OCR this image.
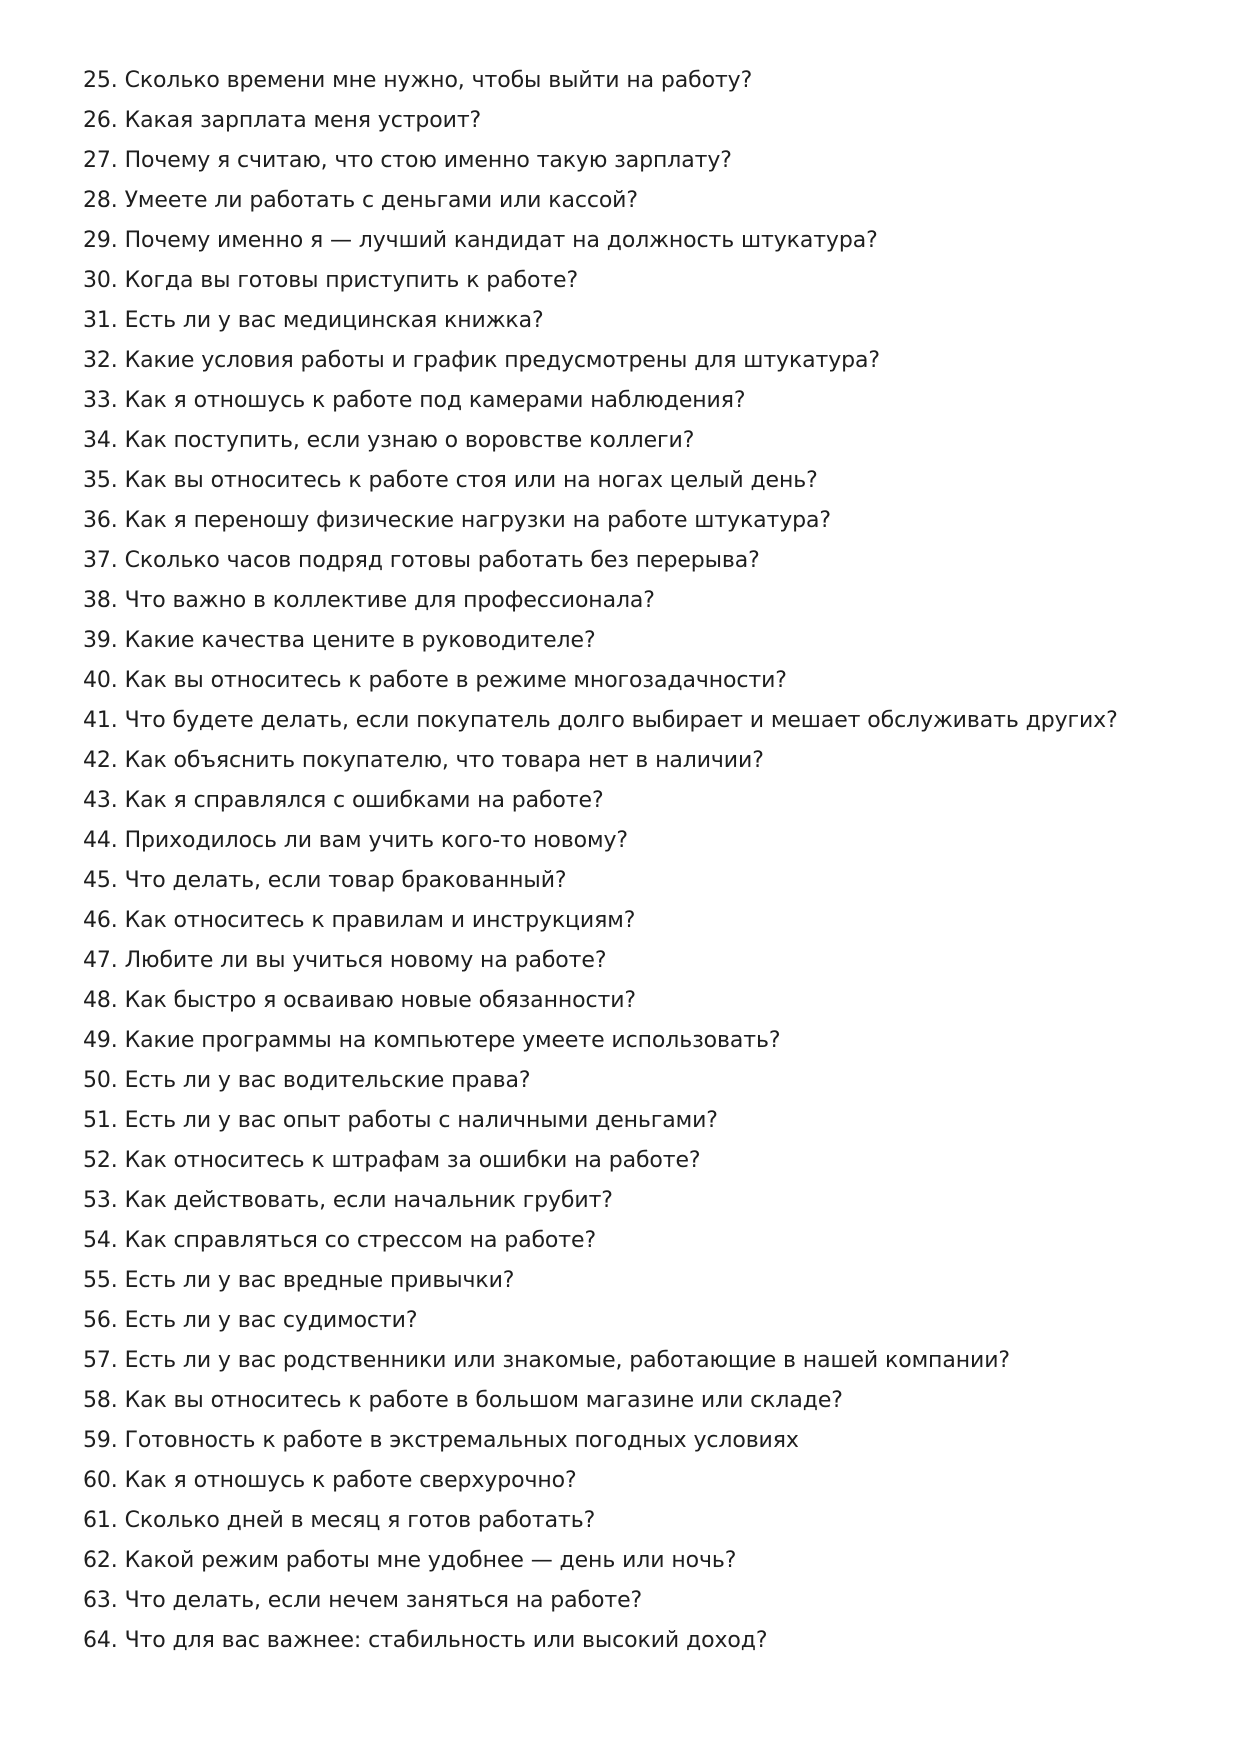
25. Сколько времени мне нужно, чтобы выйти на работу?
26. Какая зарплата меня устроит?
27. Почему я считаю, что стою именно такую зарплату?
28. Умеете ли работать с деньгами или кассой?
29. Почему именно я — лучший кандидат на должность штукатура?
30. Когда вы готовы приступить к работе?
31. Есть ли у вас медицинская книжка?
32. Какие условия работы и график предусмотрены для штукатура?
33. Как я отношусь к работе под камерами наблюдения?
34. Как поступить, если узнаю о воровстве коллеги?
35. Как вы относитесь к работе стоя или на ногах целый день?
36. Как я переношу физические нагрузки на работе штукатура?
37. Сколько часов подряд готовы работать без перерыва?
38. Что важно в коллективе для профессионала?
39. Какие качества цените в руководителе?
40. Как вы относитесь к работе в режиме многозадачности?
41. Что будете делать, если покупатель долго выбирает и мешает обслуживать других?
42. Как объяснить покупателю, что товара нет в наличии?
43. Как я справлялся с ошибками на работе?
44. Приходилось ли вам учить кого-то новому?
45. Что делать, если товар бракованный?
46. Как относитесь к правилам и инструкциям?
47. Любите ли вы учиться новому на работе?
48. Как быстро я осваиваю новые обязанности?
49. Какие программы на компьютере умеете использовать?
50. Есть ли у вас водительские права?
51. Есть ли у вас опыт работы с наличными деньгами?
52. Как относитесь к штрафам за ошибки на работе?
53. Как действовать, если начальник грубит?
54. Как справляться со стрессом на работе?
55. Есть ли у вас вредные привычки?
56. Есть ли у вас судимости?
57. Есть ли у вас родственники или знакомые, работающие в нашей компании?
58. Как вы относитесь к работе в большом магазине или складе?
59. Готовность к работе в экстремальных погодных условиях
60. Как я отношусь к работе сверхурочно?
61. Сколько дней в месяц я готов работать?
62. Какой режим работы мне удобнее — день или ночь?
63. Что делать, если нечем заняться на работе?
64. Что для вас важнее: стабильность или высокий доход?
